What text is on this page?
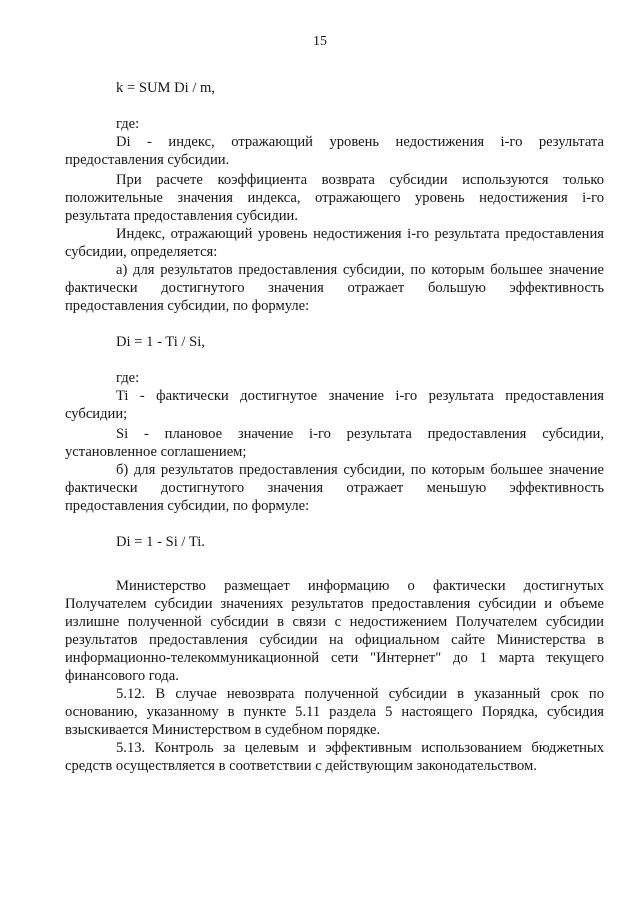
15

k = SUM Di / m,

где:

Di - индекс, отражающий уровень недостижения i-го результата предоставления субсидии.

При расчете коэффициента возврата субсидии используются только положительные значения индекса, отражающего уровень недостижения i-го результата предоставления субсидии.

Индекс, отражающий уровень недостижения i-го результата предоставления субсидии, определяется:

а) для результатов предоставления субсидии, по которым большее значение фактически достигнутого значения отражает большую эффективность предоставления субсидии, по формуле:

Di = 1 - Ti / Si,

где:

Ti - фактически достигнутое значение i-го результата предоставления субсидии;

Si - плановое значение i-го результата предоставления субсидии, установленное соглашением;

б) для результатов предоставления субсидии, по которым большее значение фактически достигнутого значения отражает меньшую эффективность предоставления субсидии, по формуле:

Di = 1 - Si / Ti.

Министерство размещает информацию о фактически достигнутых Получателем субсидии значениях результатов предоставления субсидии и объеме излишне полученной субсидии в связи с недостижением Получателем субсидии результатов предоставления субсидии на официальном сайте Министерства в информационно-телекоммуникационной сети "Интернет" до 1 марта текущего финансового года.

5.12. В случае невозврата полученной субсидии в указанный срок по основанию, указанному в пункте 5.11 раздела 5 настоящего Порядка, субсидия взыскивается Министерством в судебном порядке.

5.13. Контроль за целевым и эффективным использованием бюджетных средств осуществляется в соответствии с действующим законодательством.
